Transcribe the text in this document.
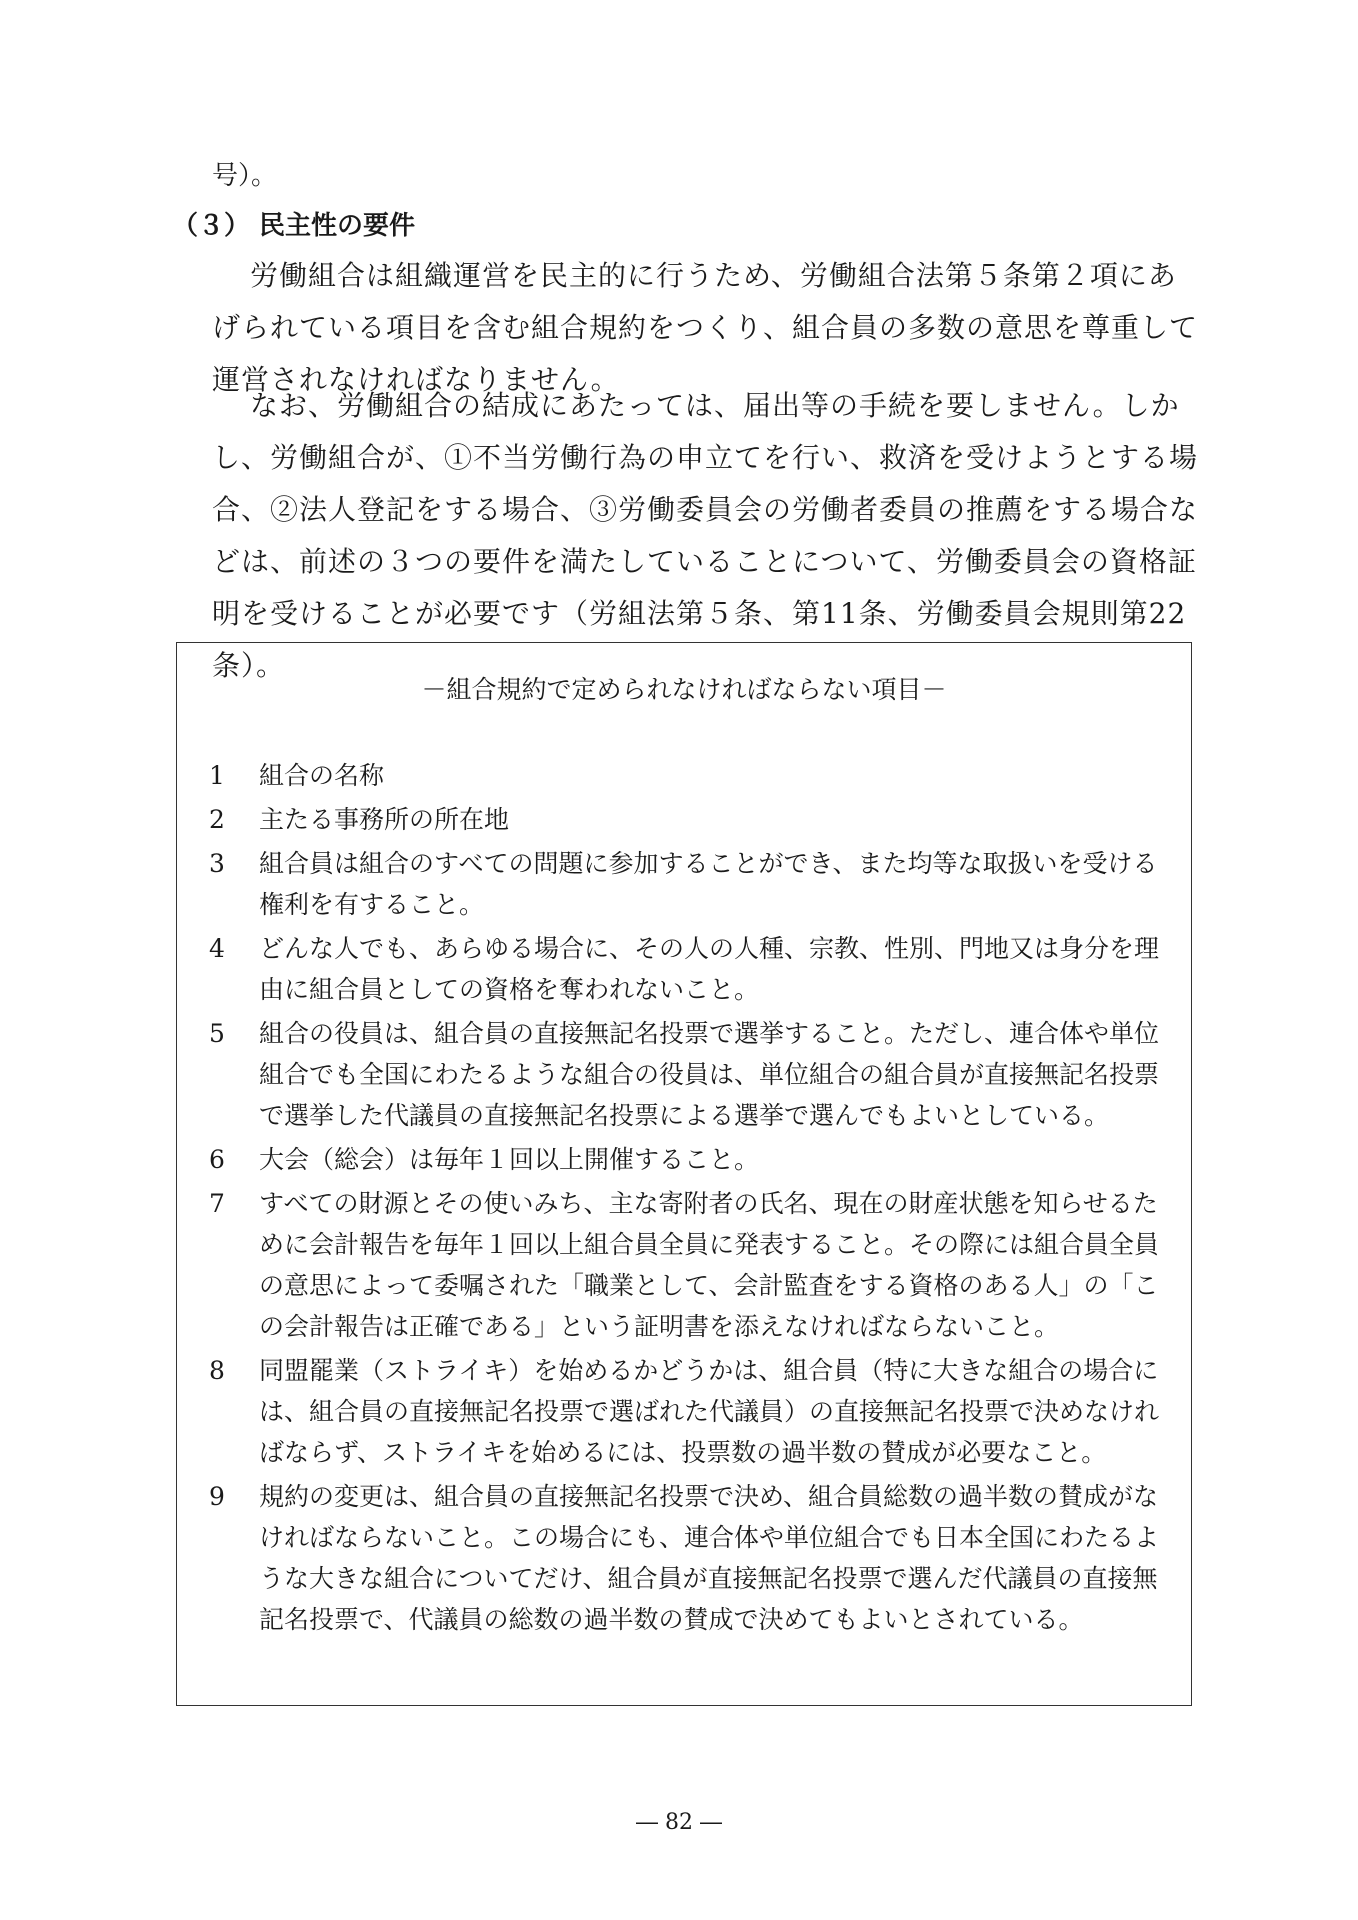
号）。

（３） 民主性の要件

労働組合は組織運営を民主的に行うため、労働組合法第５条第２項にあげられている項目を含む組合規約をつくり、組合員の多数の意思を尊重して運営されなければなりません。

なお、労働組合の結成にあたっては、届出等の手続を要しません。しかし、労働組合が、①不当労働行為の申立てを行い、救済を受けようとする場合、②法人登記をする場合、③労働委員会の労働者委員の推薦をする場合などは、前述の３つの要件を満たしていることについて、労働委員会の資格証明を受けることが必要です（労組法第５条、第11条、労働委員会規則第22条）。

－組合規約で定められなければならない項目－
1	組合の名称
2	主たる事務所の所在地
3	組合員は組合のすべての問題に参加することができ、また均等な取扱いを受ける権利を有すること。
4	どんな人でも、あらゆる場合に、その人の人種、宗教、性別、門地又は身分を理由に組合員としての資格を奪われないこと。
5	組合の役員は、組合員の直接無記名投票で選挙すること。ただし、連合体や単位組合でも全国にわたるような組合の役員は、単位組合の組合員が直接無記名投票で選挙した代議員の直接無記名投票による選挙で選んでもよいとしている。
6	大会（総会）は毎年１回以上開催すること。
7	すべての財源とその使いみち、主な寄附者の氏名、現在の財産状態を知らせるために会計報告を毎年１回以上組合員全員に発表すること。その際には組合員全員の意思によって委嘱された「職業として、会計監査をする資格のある人」の「この会計報告は正確である」という証明書を添えなければならないこと。
8	同盟罷業（ストライキ）を始めるかどうかは、組合員（特に大きな組合の場合には、組合員の直接無記名投票で選ばれた代議員）の直接無記名投票で決めなければならず、ストライキを始めるには、投票数の過半数の賛成が必要なこと。
9	規約の変更は、組合員の直接無記名投票で決め、組合員総数の過半数の賛成がなければならないこと。この場合にも、連合体や単位組合でも日本全国にわたるような大きな組合についてだけ、組合員が直接無記名投票で選んだ代議員の直接無記名投票で、代議員の総数の過半数の賛成で決めてもよいとされている。
― 82 ―
